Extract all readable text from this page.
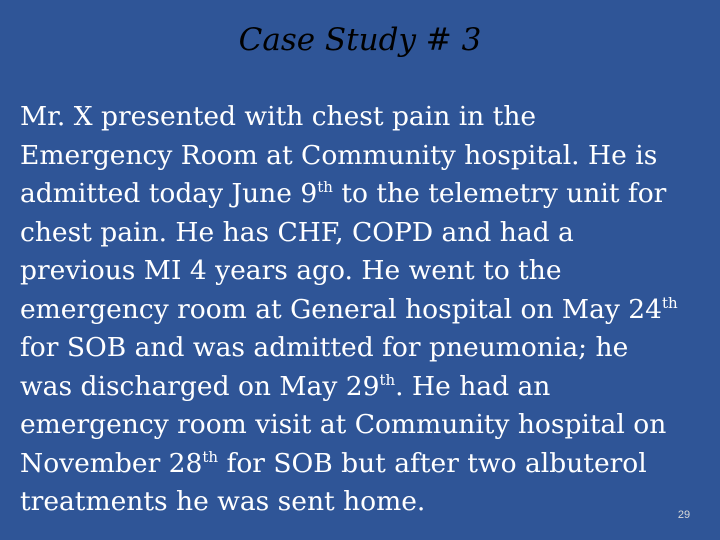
Case Study # 3
Mr. X presented with chest pain in the
Emergency Room at Community hospital. He is
admitted today June 9th to the telemetry unit for
chest pain. He has CHF, COPD and had a
previous MI 4 years ago. He went to the
emergency room at General hospital on May 24th
for SOB and was admitted for pneumonia; he
was discharged on May 29th. He had an
emergency room visit at Community hospital on
November 28th for SOB but after two albuterol
treatments he was sent home.	29
